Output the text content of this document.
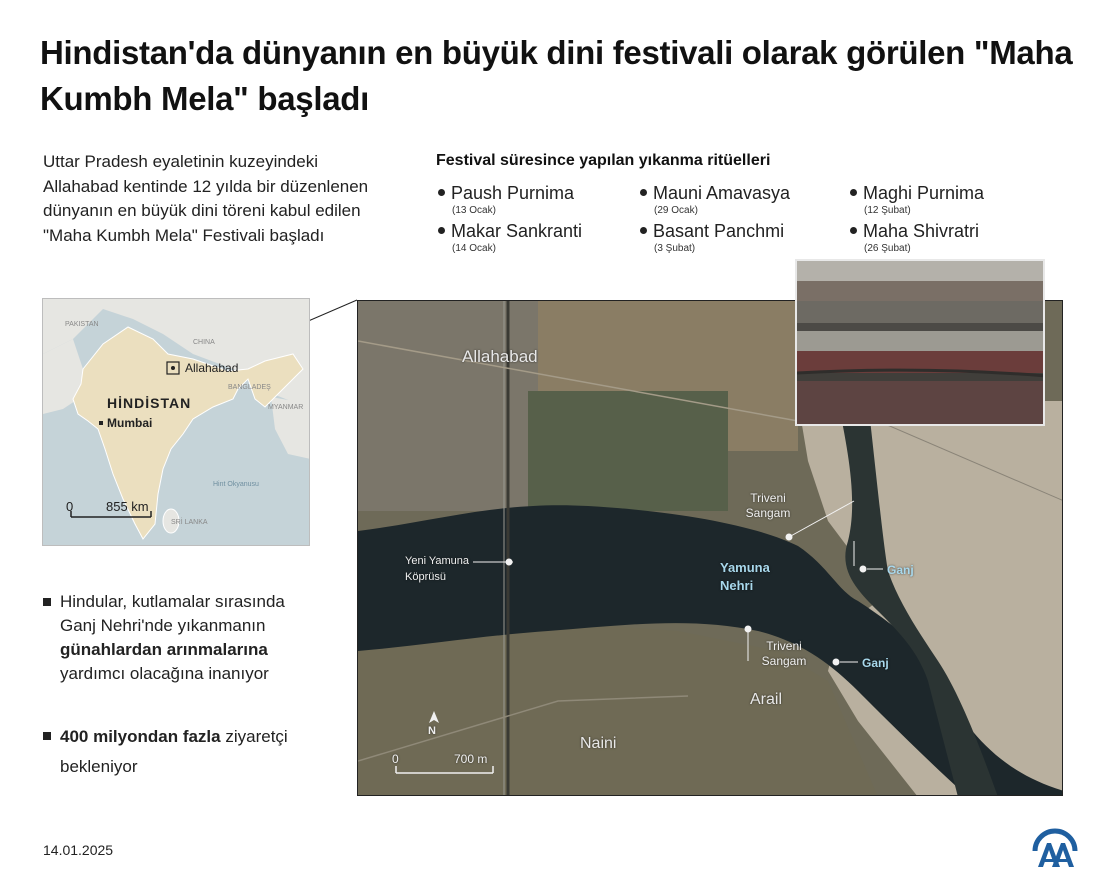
Hindistan'da dünyanın en büyük dini festivali olarak görülen "Maha Kumbh Mela" başladı
Uttar Pradesh eyaletinin kuzeyindeki Allahabad kentinde 12 yılda bir düzenlenen dünyanın en büyük dini töreni kabul edilen "Maha Kumbh Mela" Festivali başladı
Festival süresince yapılan yıkanma ritüelleri
Paush Purnima
(13 Ocak)
Makar Sankranti
(14 Ocak)
Mauni Amavasya
(29 Ocak)
Basant Panchmi
(3 Şubat)
Maghi Purnima
(12 Şubat)
Maha Shivratri
(26 Şubat)
PAKISTAN
CHINA
BANGLADEŞ
MYANMAR
SRİ LANKA
Hint Okyanusu
Allahabad
HİNDİSTAN
Mumbai
0	855 km
Allahabad
Yeni Yamuna Köprüsü
Triveni Sangam
Yamuna Nehri
Ganj
Triveni Sangam	Ganj
Arail
Naini
N
0	700 m
Hindular, kutlamalar sırasında Ganj Nehri'nde yıkanmanın günahlardan arınmalarına yardımcı olacağına inanıyor
400 milyondan fazla ziyaretçi bekleniyor
14.01.2025
